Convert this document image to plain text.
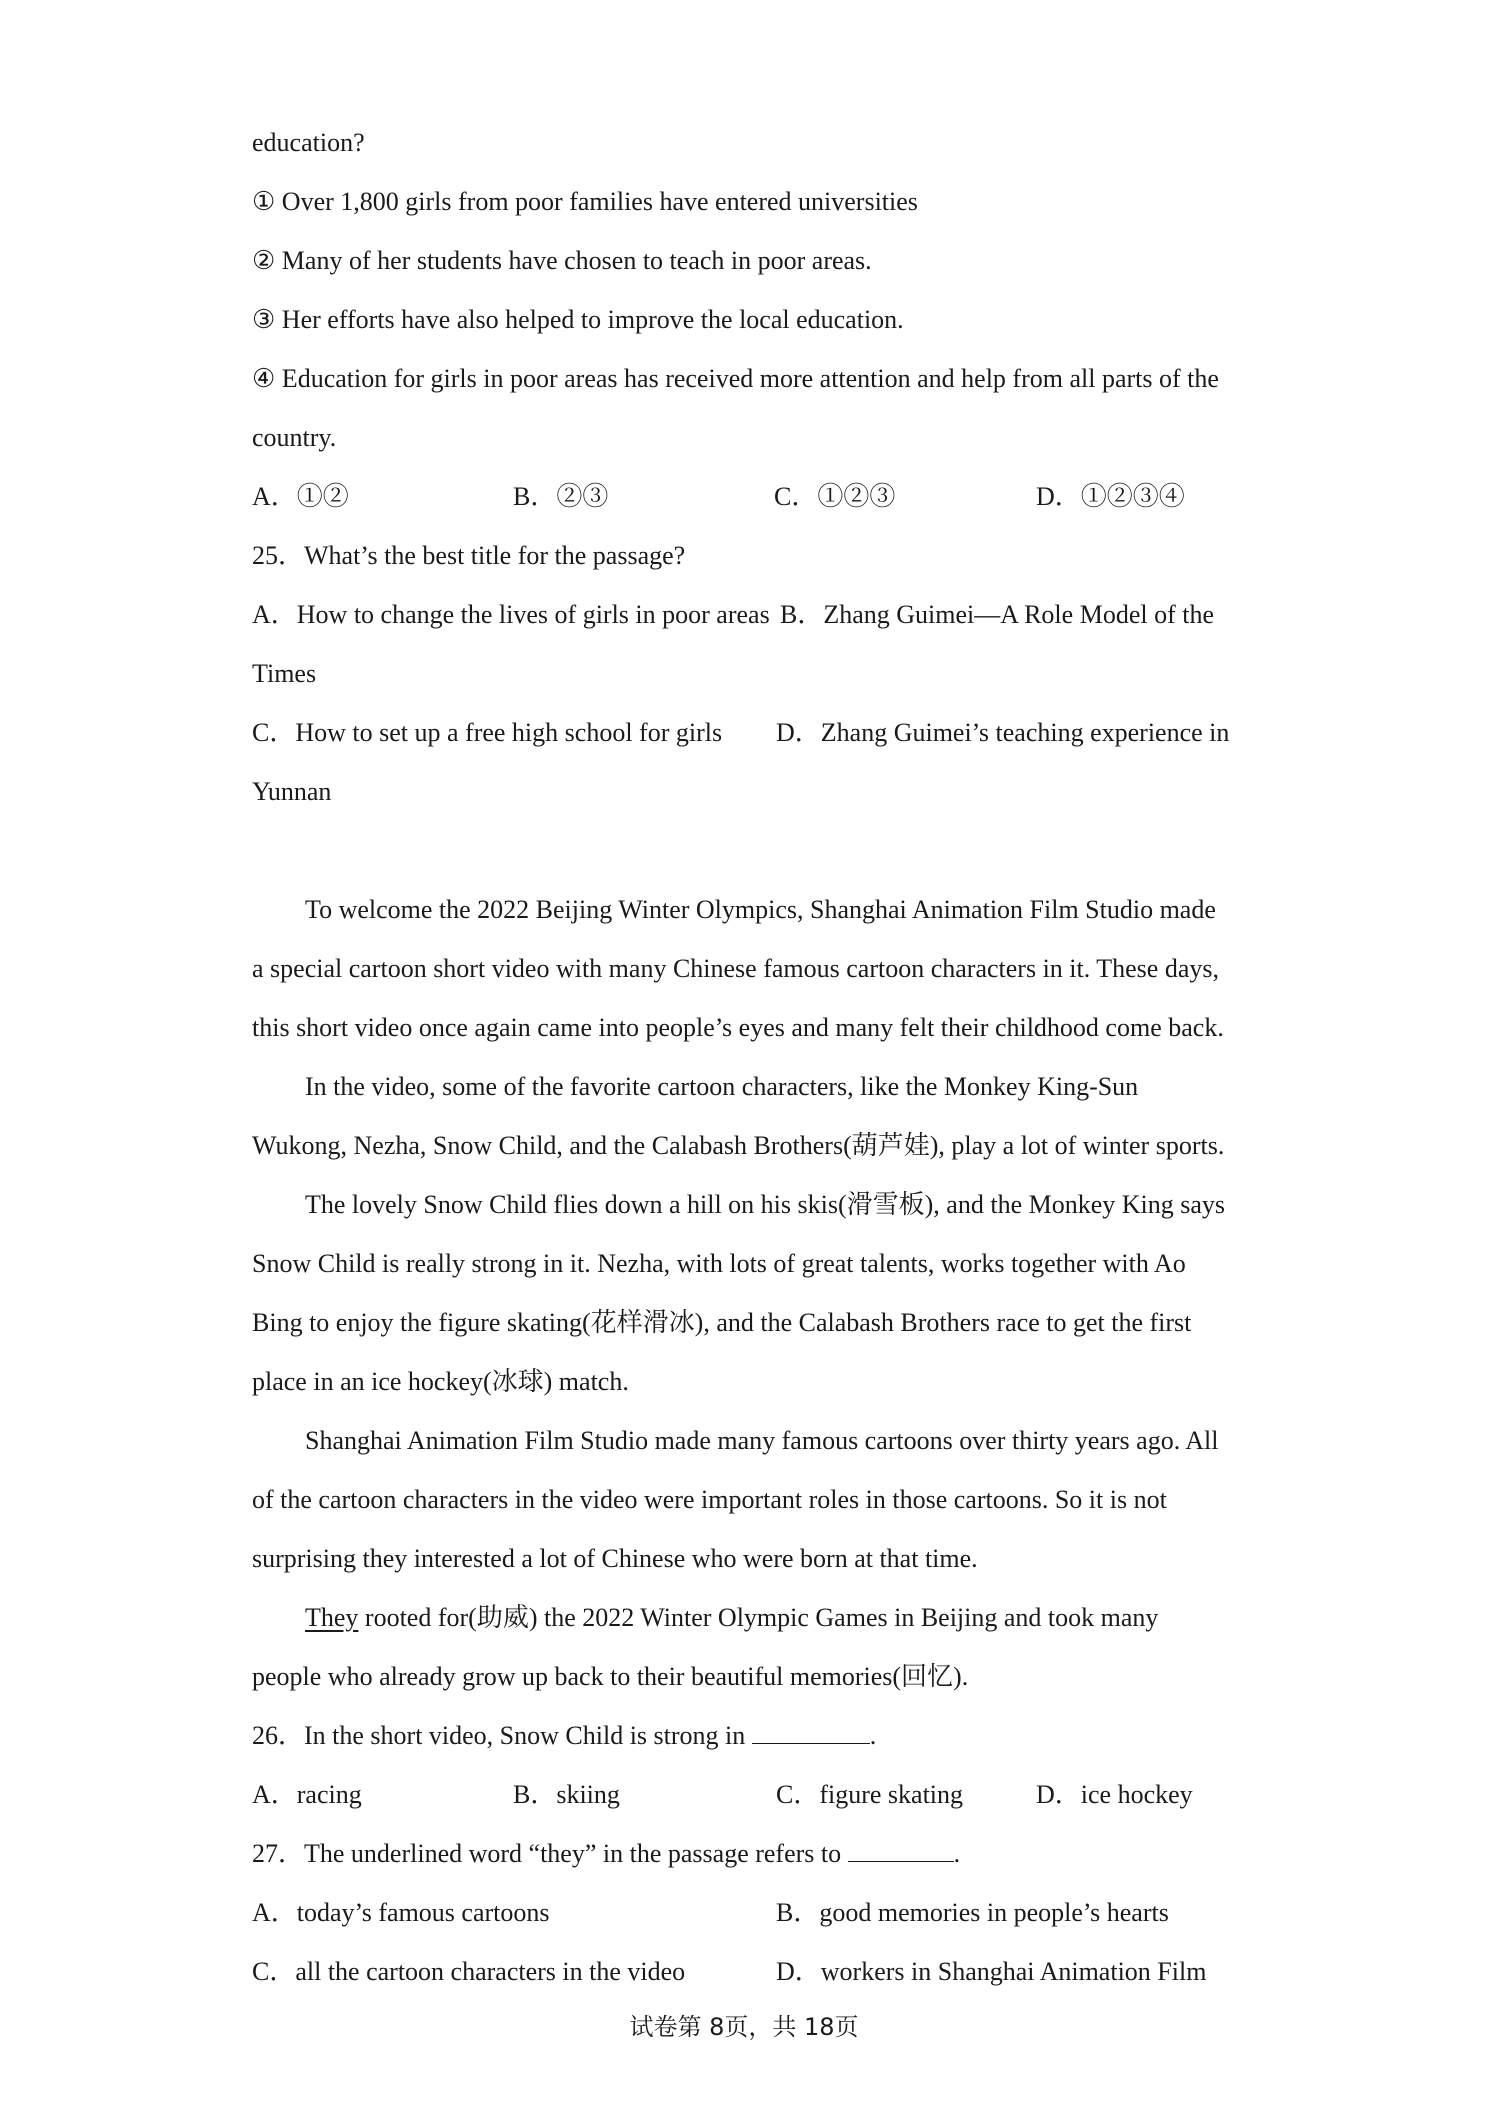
education?
① Over 1,800 girls from poor families have entered universities
② Many of her students have chosen to teach in poor areas.
③ Her efforts have also helped to improve the local education.
④ Education for girls in poor areas has received more attention and help from all parts of the
country.
A．①②	B．②③	C．①②③	D．①②③④
25．What’s the best title for the passage?
A．How to change the lives of girls in poor areas B．Zhang Guimei—A Role Model of the
Times
C．How to set up a free high school for girls D．Zhang Guimei’s teaching experience in
Yunnan
To welcome the 2022 Beijing Winter Olympics, Shanghai Animation Film Studio made
a special cartoon short video with many Chinese famous cartoon characters in it. These days,
this short video once again came into people’s eyes and many felt their childhood come back.
In the video, some of the favorite cartoon characters, like the Monkey King-Sun
Wukong, Nezha, Snow Child, and the Calabash Brothers(葫芦娃), play a lot of winter sports.
The lovely Snow Child flies down a hill on his skis(滑雪板), and the Monkey King says
Snow Child is really strong in it. Nezha, with lots of great talents, works together with Ao
Bing to enjoy the figure skating(花样滑冰), and the Calabash Brothers race to get the first
place in an ice hockey(冰球) match.
Shanghai Animation Film Studio made many famous cartoons over thirty years ago. All
of the cartoon characters in the video were important roles in those cartoons. So it is not
surprising they interested a lot of Chinese who were born at that time.
They rooted for(助威) the 2022 Winter Olympic Games in Beijing and took many
people who already grow up back to their beautiful memories(回忆).
26．In the short video, Snow Child is strong in	.
A．racing	B．skiing	C．figure skating	D．ice hockey
27．The underlined word “they” in the passage refers to	.
A．today’s famous cartoons	B．good memories in people’s hearts
C．all the cartoon characters in the video	D．workers in Shanghai Animation Film
试卷第 8页，共 18页
